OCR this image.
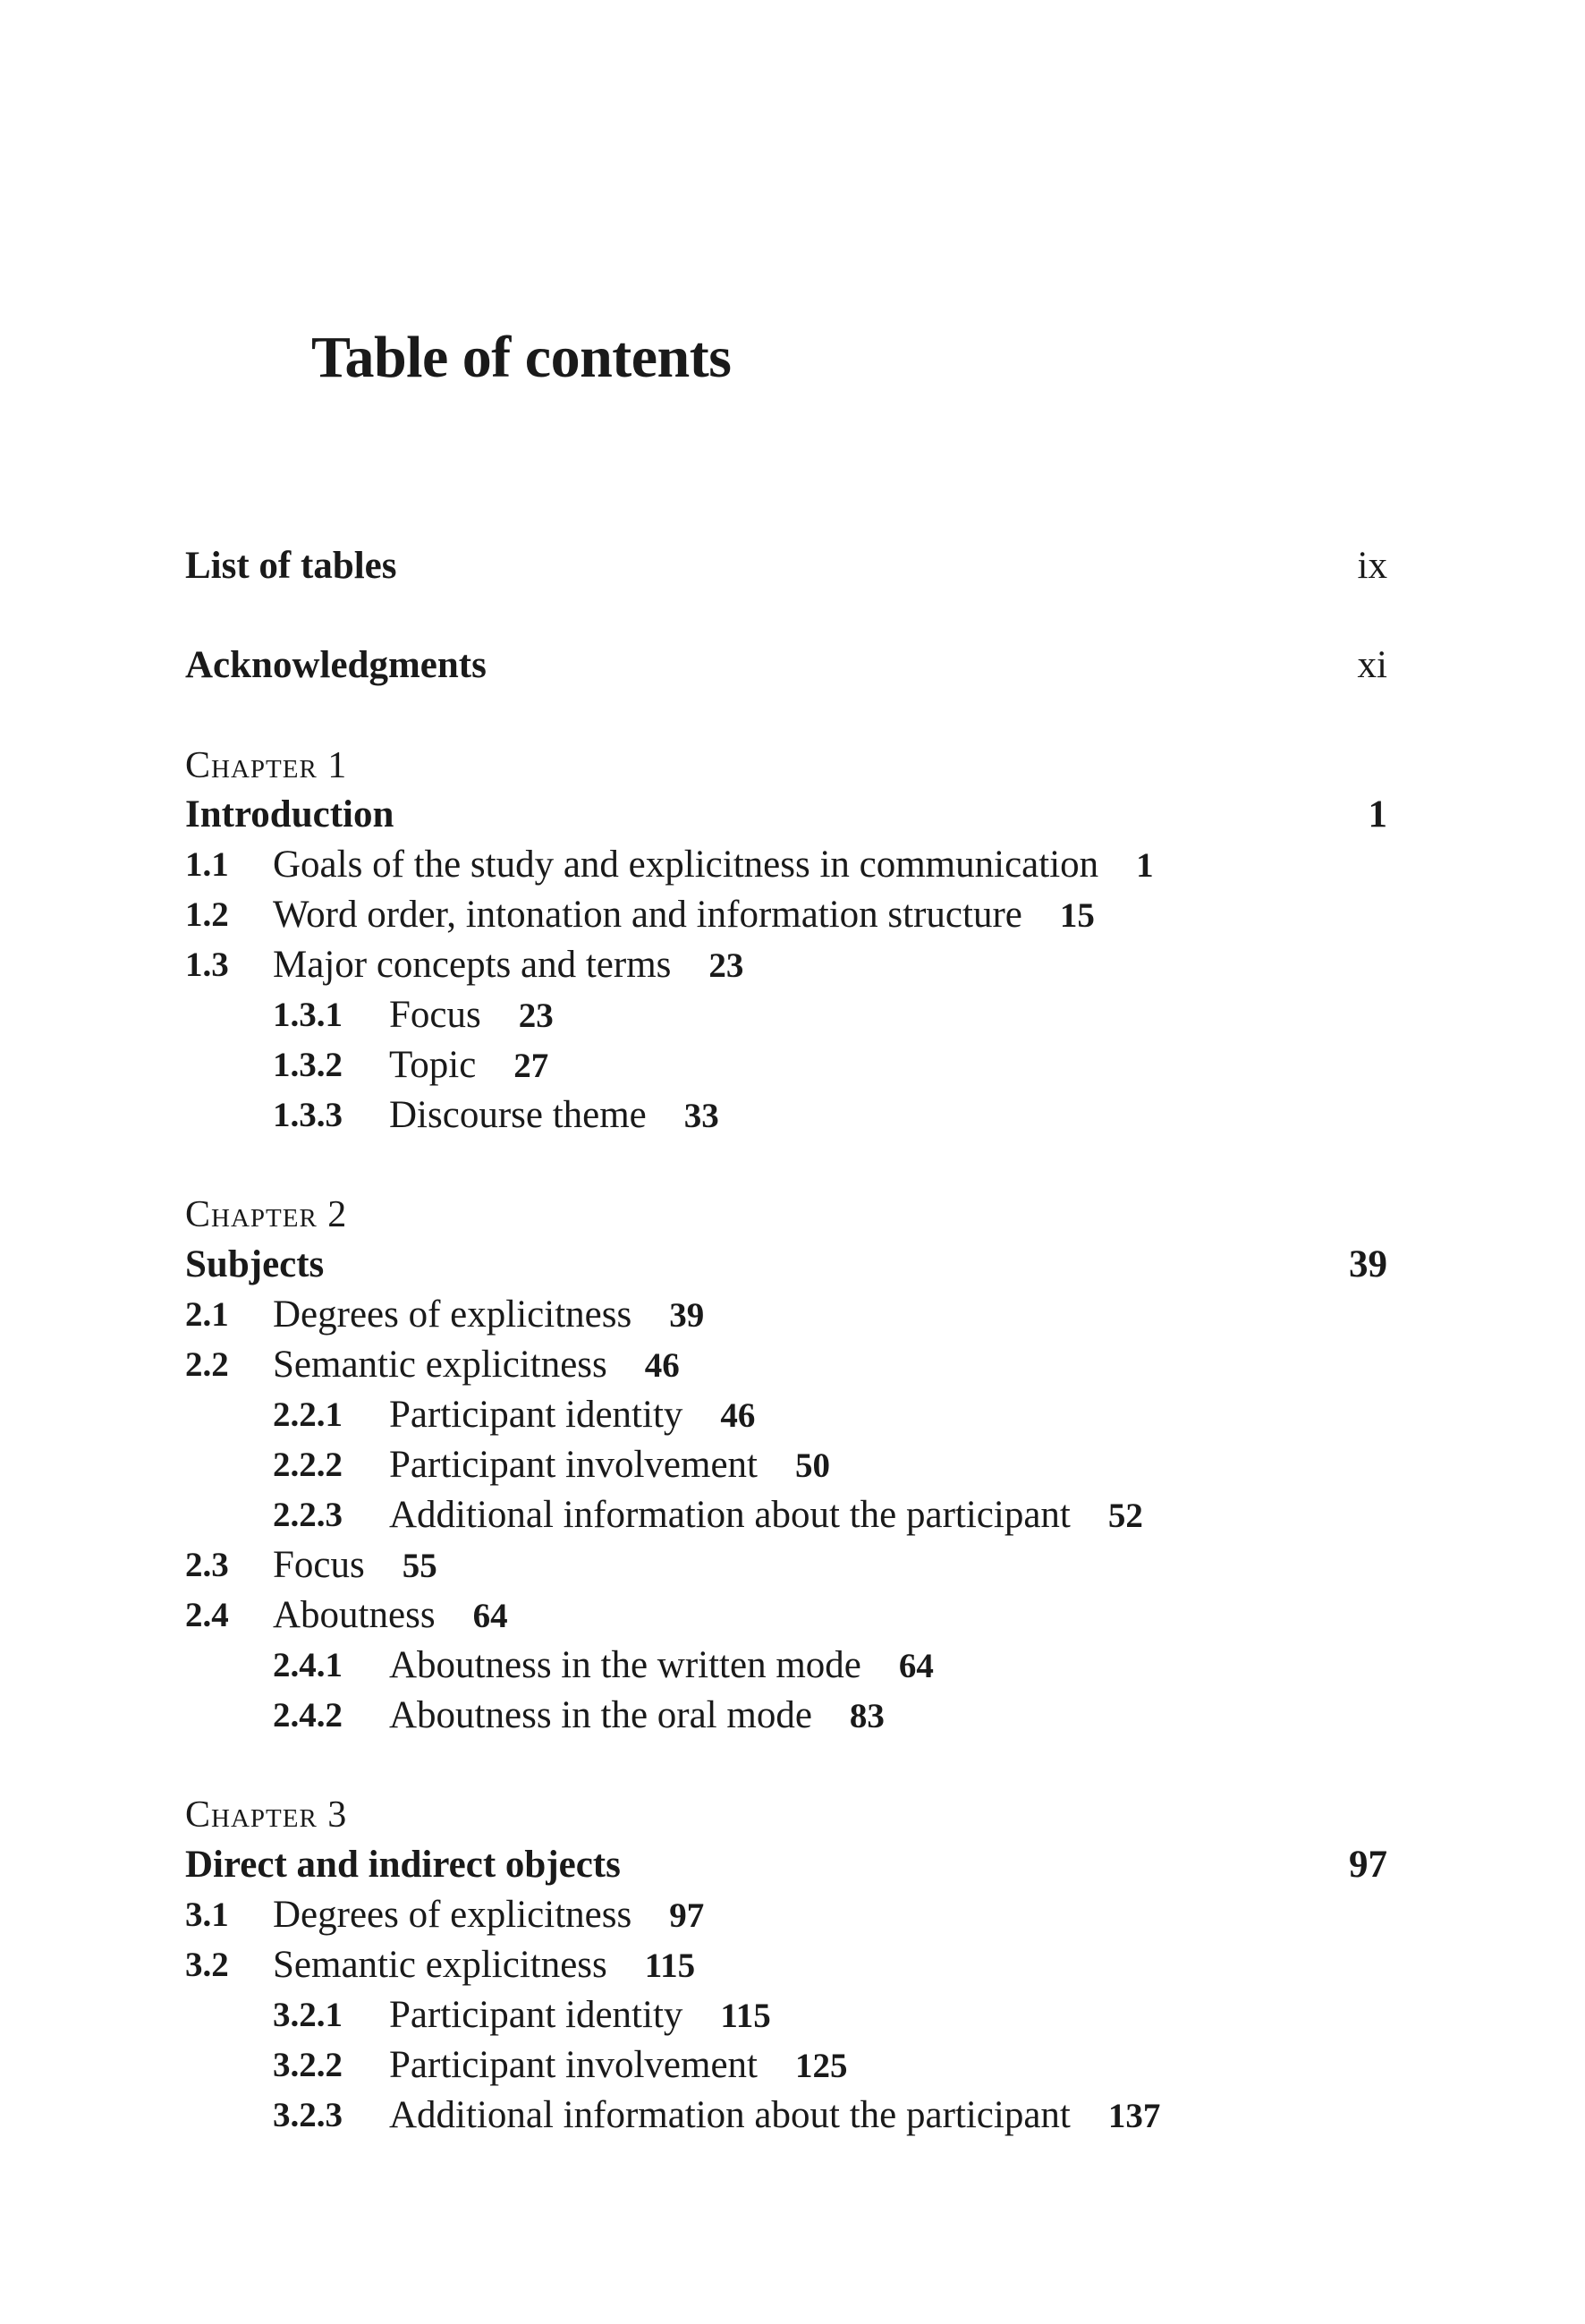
Table of contents
List of tables	ix
Acknowledgments	xi
Chapter 1
Introduction	1
1.1 Goals of the study and explicitness in communication 1
1.2 Word order, intonation and information structure 15
1.3 Major concepts and terms 23
1.3.1 Focus 23
1.3.2 Topic 27
1.3.3 Discourse theme 33
Chapter 2
Subjects	39
2.1 Degrees of explicitness 39
2.2 Semantic explicitness 46
2.2.1 Participant identity 46
2.2.2 Participant involvement 50
2.2.3 Additional information about the participant 52
2.3 Focus 55
2.4 Aboutness 64
2.4.1 Aboutness in the written mode 64
2.4.2 Aboutness in the oral mode 83
Chapter 3
Direct and indirect objects	97
3.1 Degrees of explicitness 97
3.2 Semantic explicitness 115
3.2.1 Participant identity 115
3.2.2 Participant involvement 125
3.2.3 Additional information about the participant 137
